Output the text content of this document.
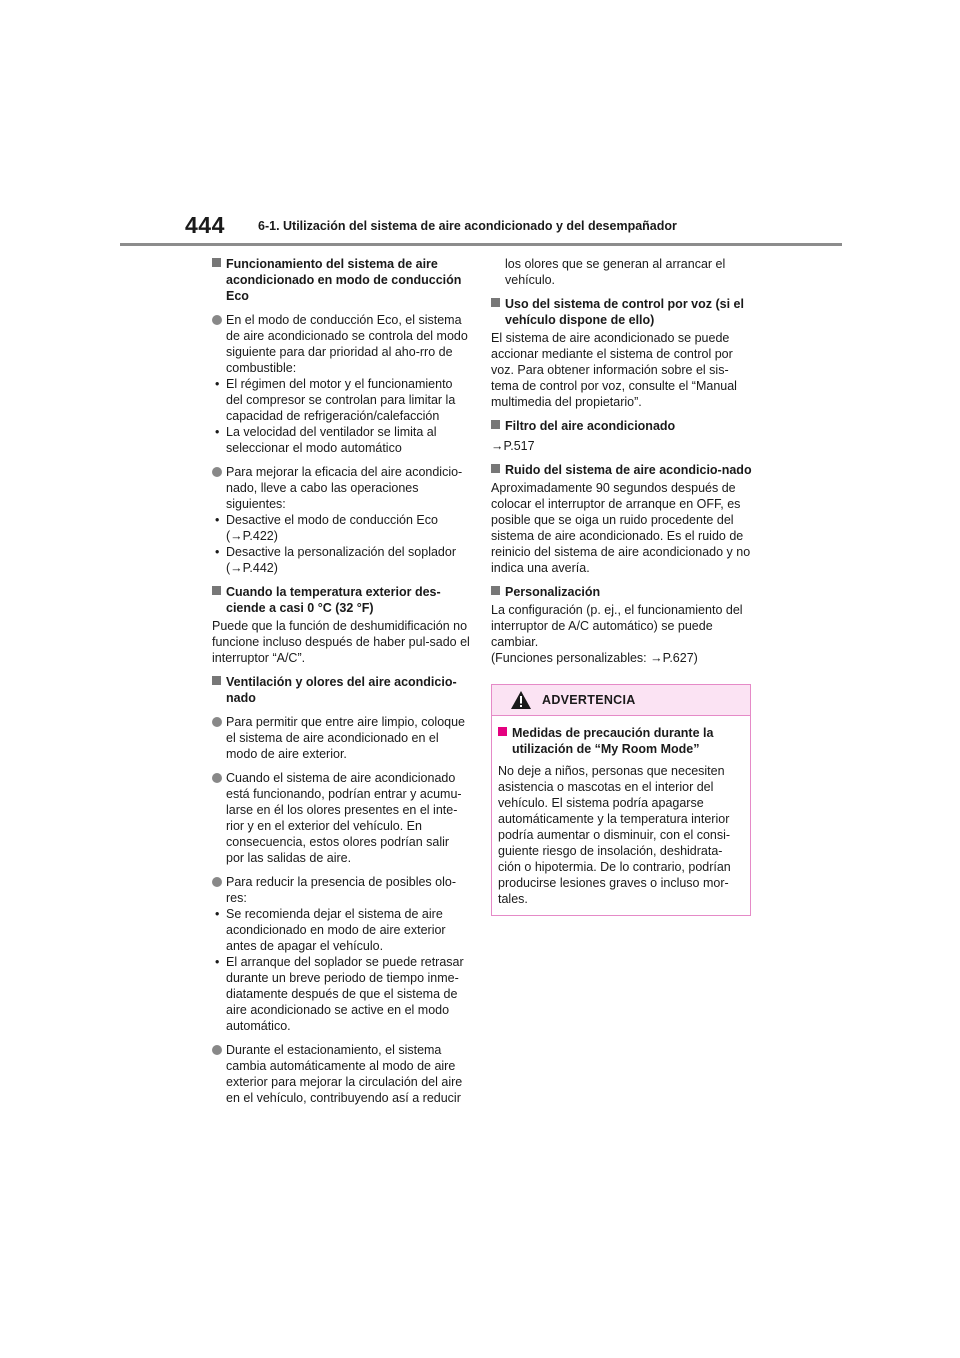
444	6-1. Utilización del sistema de aire acondicionado y del desempañador
Funcionamiento del sistema de aire acondicionado en modo de conducción Eco
En el modo de conducción Eco, el sistema de aire acondicionado se controla del modo siguiente para dar prioridad al aho-rro de combustible:
• El régimen del motor y el funcionamiento del compresor se controlan para limitar la capacidad de refrigeración/calefacción
• La velocidad del ventilador se limita al seleccionar el modo automático
Para mejorar la eficacia del aire acondicio-nado, lleve a cabo las operaciones siguientes:
• Desactive el modo de conducción Eco
(→P.422)
• Desactive la personalización del soplador
(→P.442)
Cuando la temperatura exterior des-ciende a casi 0 °C (32 °F)
Puede que la función de deshumidificación no funcione incluso después de haber pul-sado el interruptor “A/C”.
Ventilación y olores del aire acondicio-nado
Para permitir que entre aire limpio, coloque el sistema de aire acondicionado en el modo de aire exterior.
Cuando el sistema de aire acondicionado está funcionando, podrían entrar y acumu-larse en él los olores presentes en el inte-rior y en el exterior del vehículo. En consecuencia, estos olores podrían salir por las salidas de aire.
Para reducir la presencia de posibles olo-res:
• Se recomienda dejar el sistema de aire acondicionado en modo de aire exterior antes de apagar el vehículo.
• El arranque del soplador se puede retrasar durante un breve periodo de tiempo inme-diatamente después de que el sistema de aire acondicionado se active en el modo automático.
Durante el estacionamiento, el sistema cambia automáticamente al modo de aire exterior para mejorar la circulación del aire en el vehículo, contribuyendo así a reducir
los olores que se generan al arrancar el vehículo.
Uso del sistema de control por voz (si el vehículo dispone de ello)
El sistema de aire acondicionado se puede accionar mediante el sistema de control por voz. Para obtener información sobre el sis-tema de control por voz, consulte el “Manual multimedia del propietario”.
Filtro del aire acondicionado
→P.517
Ruido del sistema de aire acondicio-nado
Aproximadamente 90 segundos después de colocar el interruptor de arranque en OFF, es posible que se oiga un ruido procedente del sistema de aire acondicionado. Es el ruido de reinicio del sistema de aire acondicionado y no indica una avería.
Personalización
La configuración (p. ej., el funcionamiento del interruptor de A/C automático) se puede cambiar.
(Funciones personalizables: →P.627)
ADVERTENCIA
Medidas de precaución durante la utilización de “My Room Mode”
No deje a niños, personas que necesiten asistencia o mascotas en el interior del vehículo. El sistema podría apagarse automáticamente y la temperatura interior podría aumentar o disminuir, con el consi-guiente riesgo de insolación, deshidrata-ción o hipotermia. De lo contrario, podrían producirse lesiones graves o incluso mor-tales.
